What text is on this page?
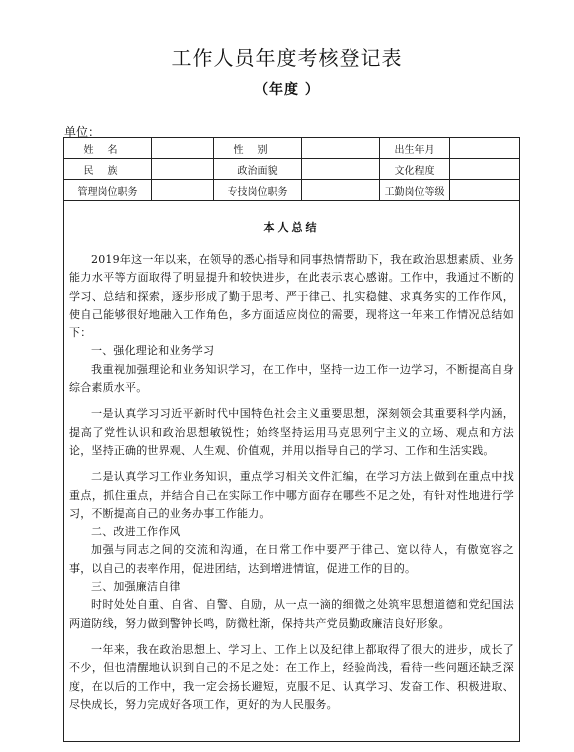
工作人员年度考核登记表
（年度 ）
单位：
姓名		性别		出生年月	
民族		政治面貌		文化程度	
管理岗位职务		专技岗位职务		工勤岗位等级	
本人总结

2019年这一年以来，在领导的悉心指导和同事热情帮助下，我在政治思想素质、业务能力水平等方面取得了明显提升和较快进步，在此表示衷心感谢。工作中，我通过不断的学习、总结和探索，逐步形成了勤于思考、严于律己、扎实稳健、求真务实的工作作风，使自己能够很好地融入工作角色，多方面适应岗位的需要，现将这一年来工作情况总结如下：

一、强化理论和业务学习

我重视加强理论和业务知识学习，在工作中，坚持一边工作一边学习，不断提高自身综合素质水平。

一是认真学习习近平新时代中国特色社会主义重要思想，深刻领会其重要科学内涵，提高了党性认识和政治思想敏锐性；始终坚持运用马克思列宁主义的立场、观点和方法论，坚持正确的世界观、人生观、价值观，并用以指导自己的学习、工作和生活实践。

二是认真学习工作业务知识，重点学习相关文件汇编，在学习方法上做到在重点中找重点，抓住重点，并结合自己在实际工作中哪方面存在哪些不足之处，有针对性地进行学习，不断提高自己的业务办事工作能力。

二、改进工作作风

加强与同志之间的交流和沟通，在日常工作中要严于律己、宽以待人，有傲宽容之事，以自己的表率作用，促进团结，达到增进情谊，促进工作的目的。

三、加强廉洁自律

时时处处自重、自省、自警、自励，从一点一滴的细微之处筑牢思想道德和党纪国法两道防线，努力做到警钟长鸣，防微杜渐，保持共产党员勤政廉洁良好形象。

一年来，我在政治思想上、学习上、工作上以及纪律上都取得了很大的进步，成长了不少，但也清醒地认识到自己的不足之处：在工作上，经验尚浅，看待一些问题还缺乏深度，在以后的工作中，我一定会扬长避短，克服不足、认真学习、发奋工作、积极进取、尽快成长，努力完成好各项工作，更好的为人民服务。
